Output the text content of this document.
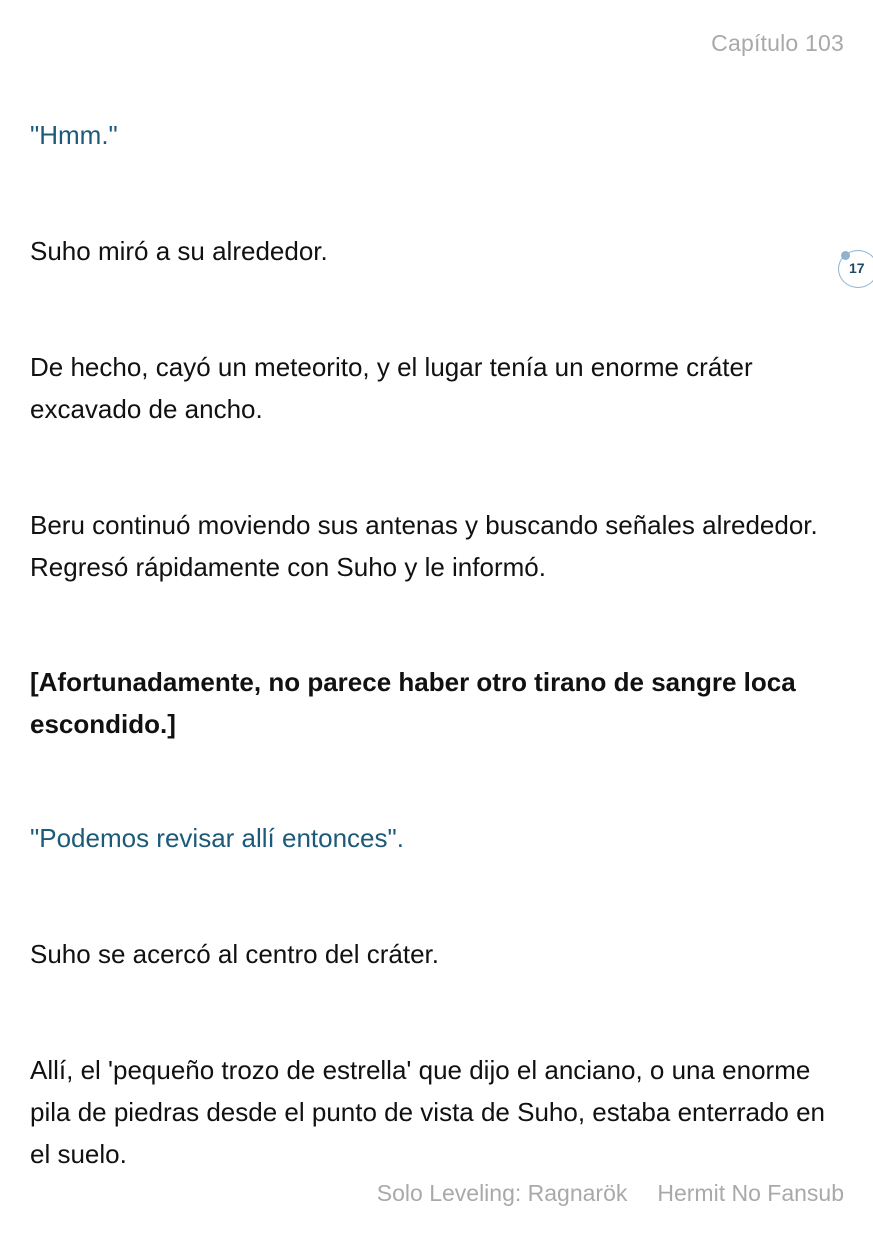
Capítulo 103

"Hmm."

Suho miró a su alrededor.

17

De hecho, cayó un meteorito, y el lugar tenía un enorme cráter excavado de ancho.

Beru continuó moviendo sus antenas y buscando señales alrededor. Regresó rápidamente con Suho y le informó.

[Afortunadamente, no parece haber otro tirano de sangre loca escondido.]

"Podemos revisar allí entonces".

Suho se acercó al centro del cráter.

Allí, el 'pequeño trozo de estrella' que dijo el anciano, o una enorme pila de piedras desde el punto de vista de Suho, estaba enterrado en el suelo.

Solo Leveling: Ragnarök Hermit No Fansub
